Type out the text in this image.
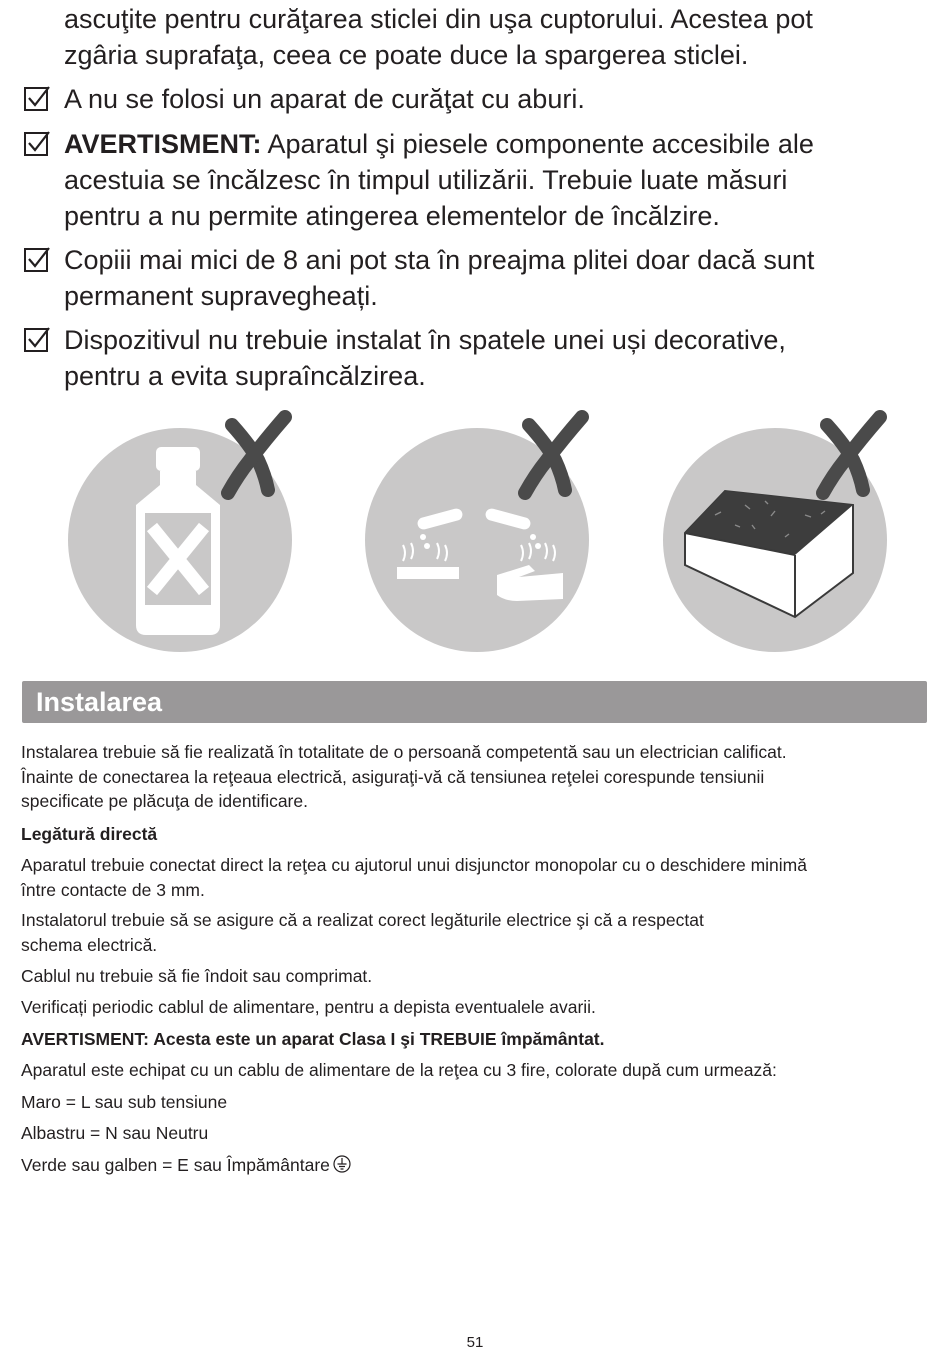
ascuţite pentru curăţarea sticlei din uşa cuptorului. Acestea pot
zgâria suprafaţa, ceea ce poate duce la spargerea sticlei.
A nu se folosi un aparat de curăţat cu aburi.
AVERTISMENT: Aparatul şi piesele componente accesibile ale
acestuia se încălzesc în timpul utilizării. Trebuie luate măsuri
pentru a nu permite atingerea elementelor de încălzire.
Copiii mai mici de 8 ani pot sta în preajma plitei doar dacă sunt
permanent supravegheați.
Dispozitivul nu trebuie instalat în spatele unei uși decorative,
pentru a evita supraîncălzirea.
Instalarea
Instalarea trebuie să fie realizată în totalitate de o persoană competentă sau un electrician calificat.
Înainte de conectarea la reţeaua electrică, asiguraţi-vă că tensiunea reţelei corespunde tensiunii
specificate pe plăcuţa de identificare.
Legătură directă
Aparatul trebuie conectat direct la reţea cu ajutorul unui disjunctor monopolar cu o deschidere minimă
între contacte de 3 mm.
Instalatorul trebuie să se asigure că a realizat corect legăturile electrice şi că a respectat
schema electrică.
Cablul nu trebuie să fie îndoit sau comprimat.
Verificați periodic cablul de alimentare, pentru a depista eventualele avarii.
AVERTISMENT: Acesta este un aparat Clasa I şi TREBUIE împământat.
Aparatul este echipat cu un cablu de alimentare de la reţea cu 3 fire, colorate după cum urmează:
Maro = L sau sub tensiune
Albastru = N sau Neutru
Verde sau galben = E sau Împământare
51
